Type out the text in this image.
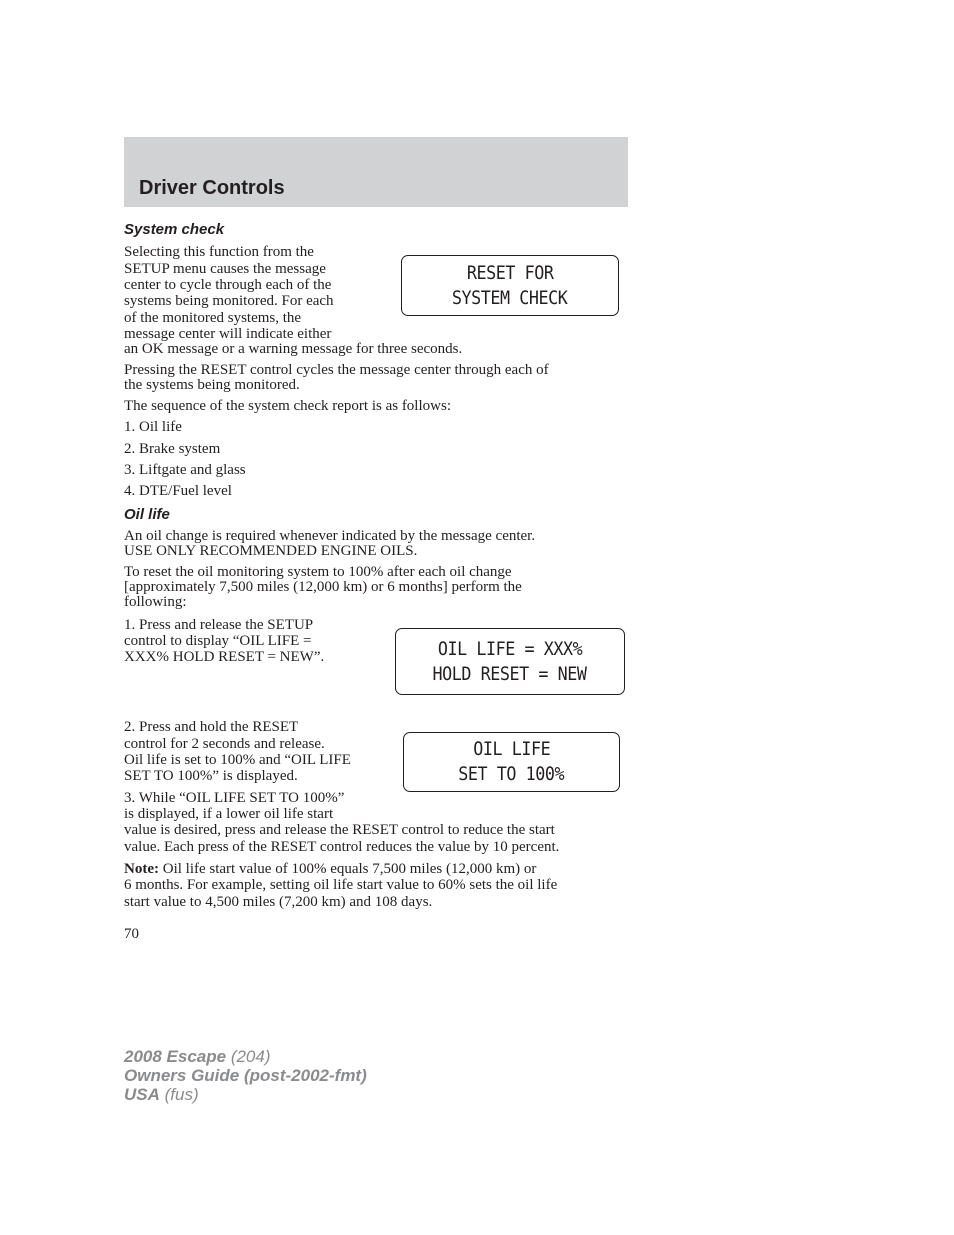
Driver Controls
System check
Selecting this function from the
SETUP menu causes the message
center to cycle through each of the
systems being monitored. For each
of the monitored systems, the
message center will indicate either
an OK message or a warning message for three seconds.
RESET FOR
SYSTEM CHECK
Pressing the RESET control cycles the message center through each of
the systems being monitored.
The sequence of the system check report is as follows:
1. Oil life
2. Brake system
3. Liftgate and glass
4. DTE/Fuel level
Oil life
An oil change is required whenever indicated by the message center.
USE ONLY RECOMMENDED ENGINE OILS.
To reset the oil monitoring system to 100% after each oil change
[approximately 7,500 miles (12,000 km) or 6 months] perform the
following:
1. Press and release the SETUP
control to display “OIL LIFE =
XXX% HOLD RESET = NEW”.	OIL LIFE = XXX%
HOLD RESET = NEW
2. Press and hold the RESET
control for 2 seconds and release.
Oil life is set to 100% and “OIL LIFE
SET TO 100%” is displayed.
OIL LIFE
SET TO 100%
3. While “OIL LIFE SET TO 100%”
is displayed, if a lower oil life start
value is desired, press and release the RESET control to reduce the start
value. Each press of the RESET control reduces the value by 10 percent.
Note: Oil life start value of 100% equals 7,500 miles (12,000 km) or
6 months. For example, setting oil life start value to 60% sets the oil life
start value to 4,500 miles (7,200 km) and 108 days.
70
2008 Escape (204)
Owners Guide (post-2002-fmt)
USA (fus)
